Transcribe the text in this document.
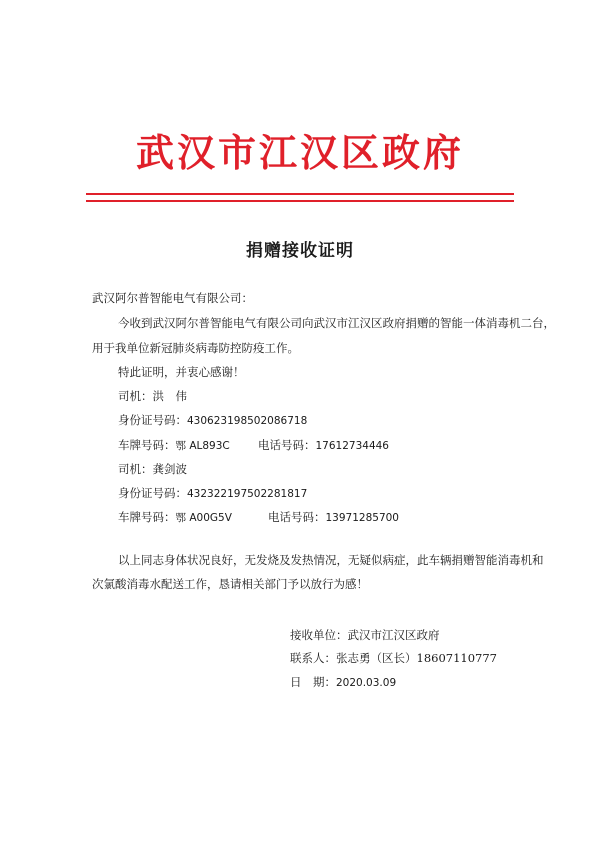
武汉市江汉区政府
捐赠接收证明
武汉阿尔普智能电气有限公司：
今收到武汉阿尔普智能电气有限公司向武汉市江汉区政府捐赠的智能一体消毒机二台，
用于我单位新冠肺炎病毒防控防疫工作。
特此证明，并衷心感谢！
司机：洪　伟
身份证号码：430623198502086718
车牌号码：鄂 AL893C 电话号码：17612734446
司机：龚剑波
身份证号码：432322197502281817
车牌号码：鄂 A00G5V	电话号码：13971285700
以上同志身体状况良好，无发烧及发热情况，无疑似病症，此车辆捐赠智能消毒机和
次氯酸消毒水配送工作，恳请相关部门予以放行为感！
接收单位：武汉市江汉区政府
联系人：张志勇（区长）18607110777
日　期：2020.03.09
